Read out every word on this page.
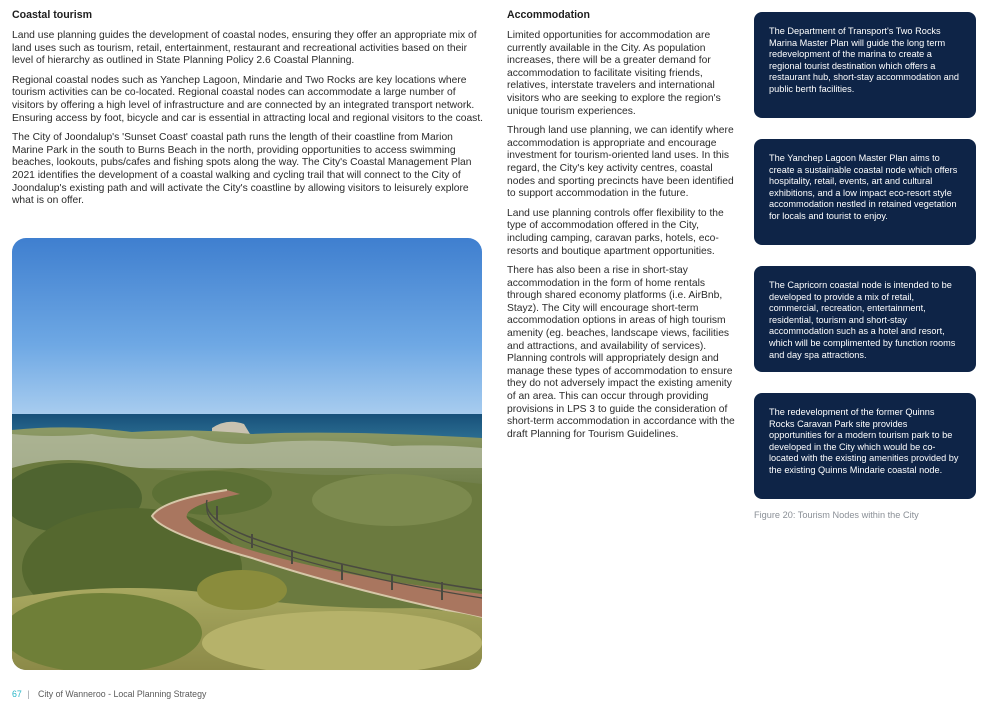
Coastal tourism

Land use planning guides the development of coastal nodes, ensuring they offer an appropriate mix of land uses such as tourism, retail, entertainment, restaurant and recreational activities based on their level of hierarchy as outlined in State Planning Policy 2.6 Coastal Planning.

Regional coastal nodes such as Yanchep Lagoon, Mindarie and Two Rocks are key locations where tourism activities can be co-located. Regional coastal nodes can accommodate a large number of visitors by offering a high level of infrastructure and are connected by an integrated transport network. Ensuring access by foot, bicycle and car is essential in attracting local and regional visitors to the coast.

The City of Joondalup's 'Sunset Coast' coastal path runs the length of their coastline from Marion Marine Park in the south to Burns Beach in the north, providing opportunities to access swimming beaches, lookouts, pubs/cafes and fishing spots along the way. The City's Coastal Management Plan 2021 identifies the development of a coastal walking and cycling trail that will connect to the City of Joondalup's existing path and will activate the City's coastline by allowing visitors to leisurely explore what is on offer.

Accommodation

Limited opportunities for accommodation are currently available in the City. As population increases, there will be a greater demand for accommodation to facilitate visiting friends, relatives, interstate travelers and international visitors who are seeking to explore the region's unique tourism experiences.

Through land use planning, we can identify where accommodation is appropriate and encourage investment for tourism-oriented land uses. In this regard, the City's key activity centres, coastal nodes and sporting precincts have been identified to support accommodation in the future.

Land use planning controls offer flexibility to the type of accommodation offered in the City, including camping, caravan parks, hotels, eco-resorts and boutique apartment opportunities.

There has also been a rise in short-stay accommodation in the form of home rentals through shared economy platforms (i.e. AirBnb, Stayz). The City will encourage short-term accommodation options in areas of high tourism amenity (eg. beaches, landscape views, facilities and attractions, and availability of services). Planning controls will appropriately design and manage these types of accommodation to ensure they do not adversely impact the existing amenity of an area. This can occur through providing provisions in LPS 3 to guide the consideration of short-term accommodation in accordance with the draft Planning for Tourism Guidelines.

The Department of Transport's Two Rocks Marina Master Plan will guide the long term redevelopment of the marina to create a regional tourist destination which offers a restaurant hub, short-stay accommodation and public berth facilities.
The Yanchep Lagoon Master Plan aims to create a sustainable coastal node which offers hospitality, retail, events, art and cultural exhibitions, and a low impact eco-resort style accommodation nestled in retained vegetation for locals and tourist to enjoy.
The Capricorn coastal node is intended to be developed to provide a mix of retail, commercial, recreation, entertainment, residential, tourism and short-stay accommodation such as a hotel and resort, which will be complimented by function rooms and day spa attractions.
The redevelopment of the former Quinns Rocks Caravan Park site provides opportunities for a modern tourism park to be developed in the City which would be co-located with the existing amenities provided by the existing Quinns Mindarie coastal node.
Figure 20: Tourism Nodes within the City
67 | City of Wanneroo - Local Planning Strategy
